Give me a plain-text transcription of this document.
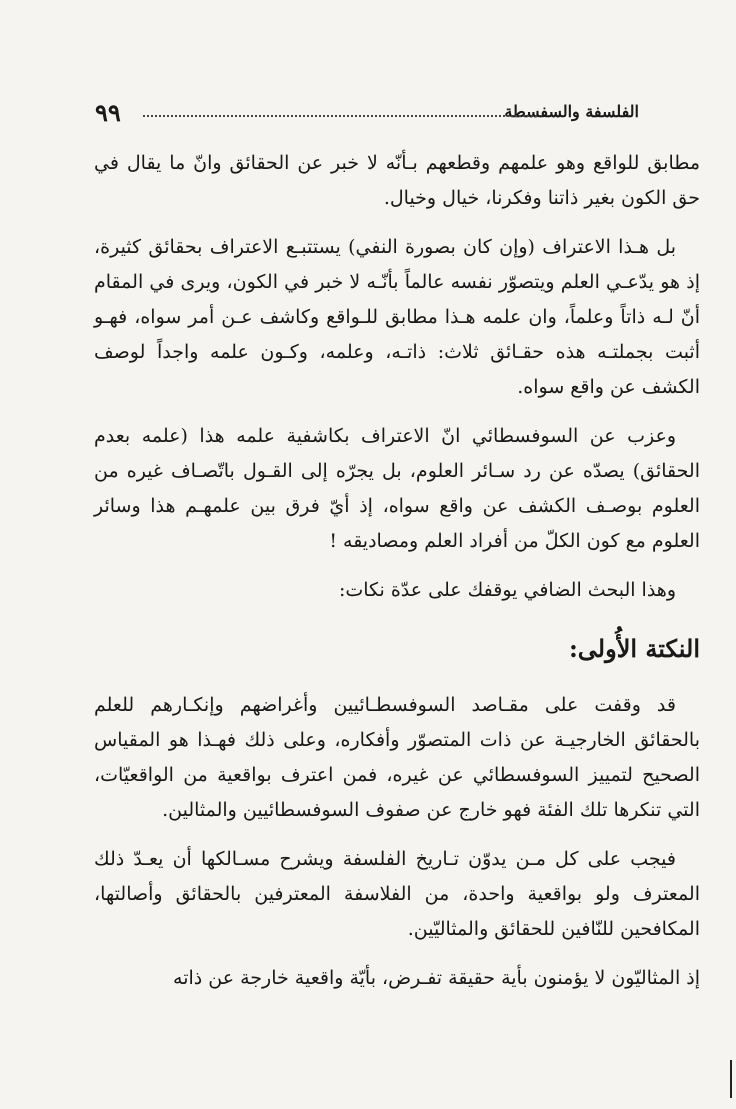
الفلسفة والسفسطة
٩٩

مطابق للواقع وهو علمهم وقطعهم بـأنّه لا خبر عن الحقائق وانّ ما يقال في حق الكون بغير ذاتنا وفكرنا، خيال وخيال.

بل هـذا الاعتراف (وإن كان بصورة النفي) يستتبـع الاعتراف بحقائق كثيرة، إذ هو يدّعـي العلم ويتصوّر نفسه عالماً بأنّـه لا خبر في الكون، ويرى في المقام أنّ لـه ذاتاً وعلماً، وان علمه هـذا مطابق للـواقع وكاشف عـن أمر سواه، فهـو أثبت بجملتـه هذه حقـائق ثلاث: ذاتـه، وعلمه، وكـون علمه واجداً لوصف الكشف عن واقع سواه.

وعزب عن السوفسطائي انّ الاعتراف بكاشفية علمه هذا (علمه بعدم الحقائق) يصدّه عن رد سـائر العلوم، بل يجرّه إلى القـول باتّصـاف غيره من العلوم بوصـف الكشف عن واقع سواه، إذ أيّ فرق بين علمهـم هذا وسائر العلوم مع كون الكلّ من أفراد العلم ومصاديقه !

وهذا البحث الضافي يوقفك على عدّة نكات:

النكتة الأُولى:

قد وقفت على مقـاصد السوفسطـائيين وأغراضهم وإنكـارهم للعلم بالحقائق الخارجيـة عن ذات المتصوّر وأفكاره، وعلى ذلك فهـذا هو المقياس الصحيح لتمييز السوفسطائي عن غيره، فمن اعترف بواقعية من الواقعيّات، التي تنكرها تلك الفئة فهو خارج عن صفوف السوفسطائيين والمثالين.

فيجب على كل مـن يدوّن تـاريخ الفلسفة ويشرح مسـالكها أن يعـدّ ذلك المعترف ولو بواقعية واحدة، من الفلاسفة المعترفين بالحقائق وأصالتها، المكافحين للنّافين للحقائق والمثاليّين.

إذ المثاليّون لا يؤمنون بأية حقيقة تفـرض، بأيّة واقعية خارجة عن ذاته
